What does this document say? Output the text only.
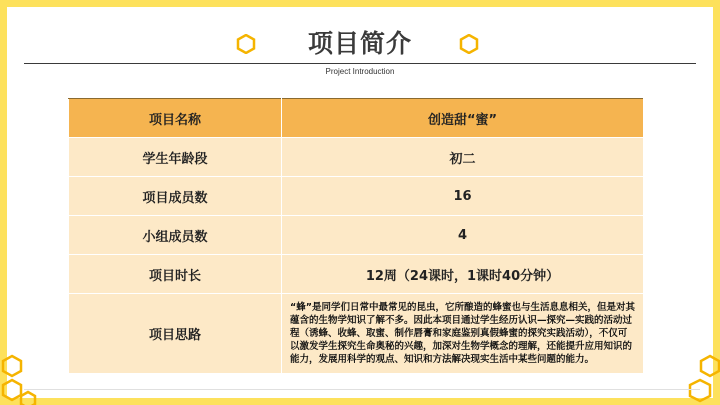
项目简介
Project Introduction
项目名称	创造甜“蜜”
学生年龄段	初二
项目成员数	16
小组成员数	4
项目时长	12周（24课时，1课时40分钟）
项目思路	“蜂”是同学们日常中最常见的昆虫，它所酿造的蜂蜜也与生活息息相关，但是对其蕴含的生物学知识了解不多。因此本项目通过学生经历认识—探究—实践的活动过程（诱蜂、收蜂、取蜜、制作唇膏和家庭鉴别真假蜂蜜的探究实践活动），不仅可以激发学生探究生命奥秘的兴趣，加深对生物学概念的理解，还能提升应用知识的能力，发展用科学的观点、知识和方法解决现实生活中某些问题的能力。
